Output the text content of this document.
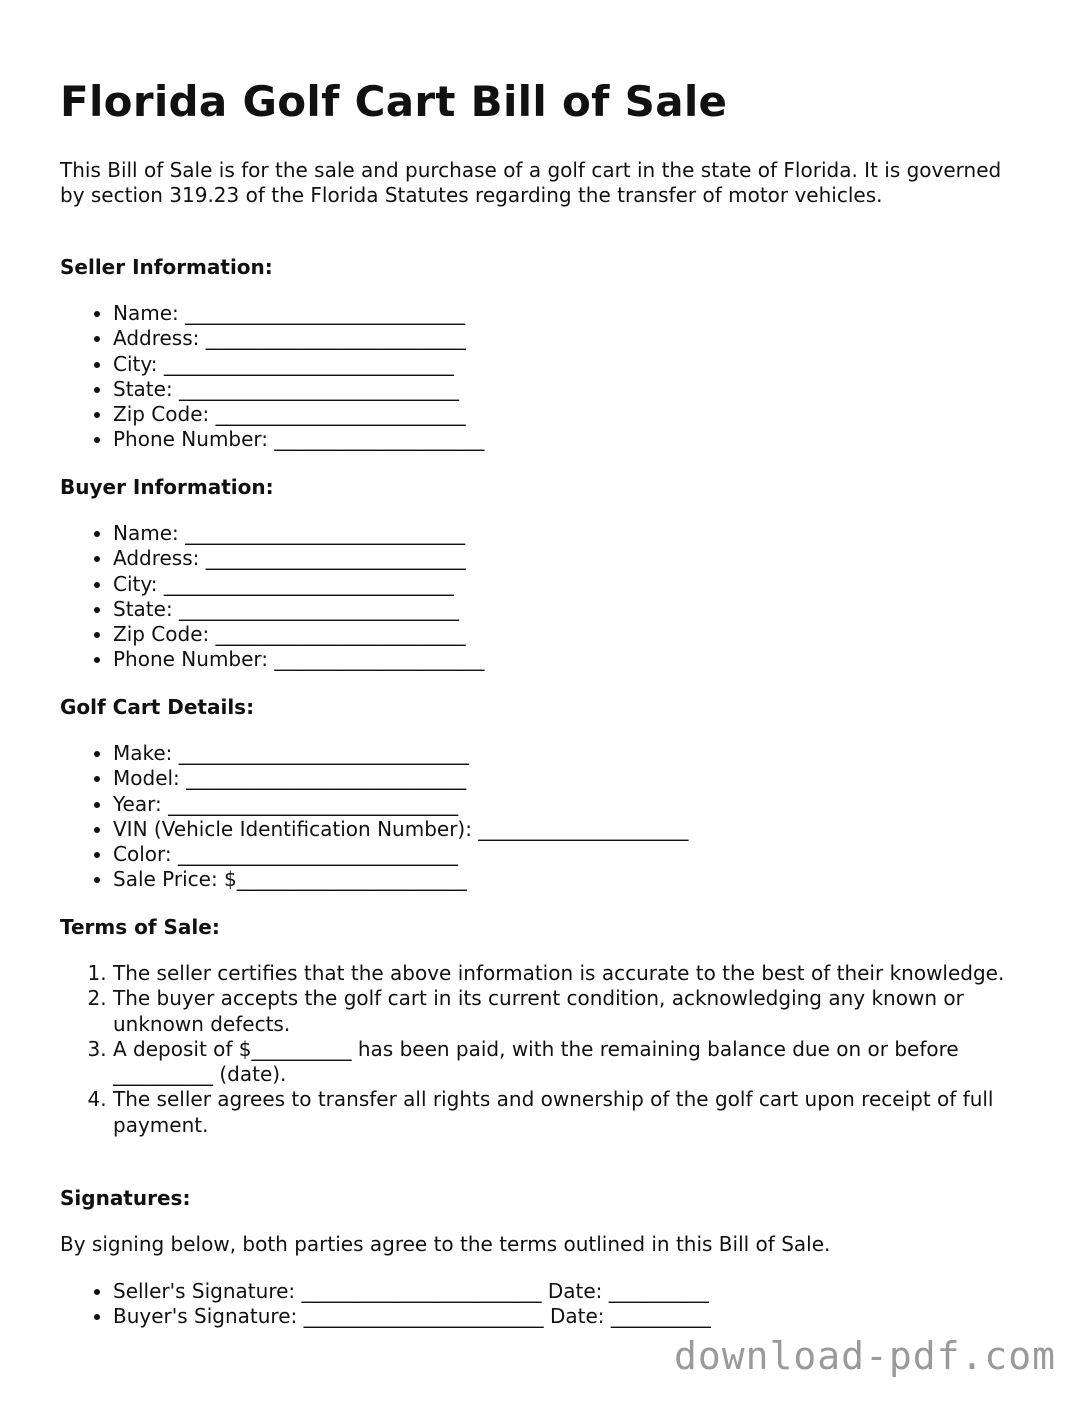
Florida Golf Cart Bill of Sale

This Bill of Sale is for the sale and purchase of a golf cart in the state of Florida. It is governed by section 319.23 of the Florida Statutes regarding the transfer of motor vehicles.

Seller Information:
• Name: ____________________________
• Address: __________________________
• City: _____________________________
• State: ____________________________
• Zip Code: _________________________
• Phone Number: _____________________
Buyer Information:
• Name: ____________________________
• Address: __________________________
• City: _____________________________
• State: ____________________________
• Zip Code: _________________________
• Phone Number: _____________________
Golf Cart Details:
• Make: _____________________________
• Model: ____________________________
• Year: _____________________________
• VIN (Vehicle Identification Number): _____________________
• Color: ____________________________
• Sale Price: $_______________________
Terms of Sale:
1. The seller certifies that the above information is accurate to the best of their knowledge.
2. The buyer accepts the golf cart in its current condition, acknowledging any known or unknown defects.
3. A deposit of $__________ has been paid, with the remaining balance due on or before __________ (date).
4. The seller agrees to transfer all rights and ownership of the golf cart upon receipt of full payment.
Signatures:

By signing below, both parties agree to the terms outlined in this Bill of Sale.

• Seller's Signature: ________________________ Date: __________
• Buyer's Signature: ________________________ Date: __________
download-pdf.com
